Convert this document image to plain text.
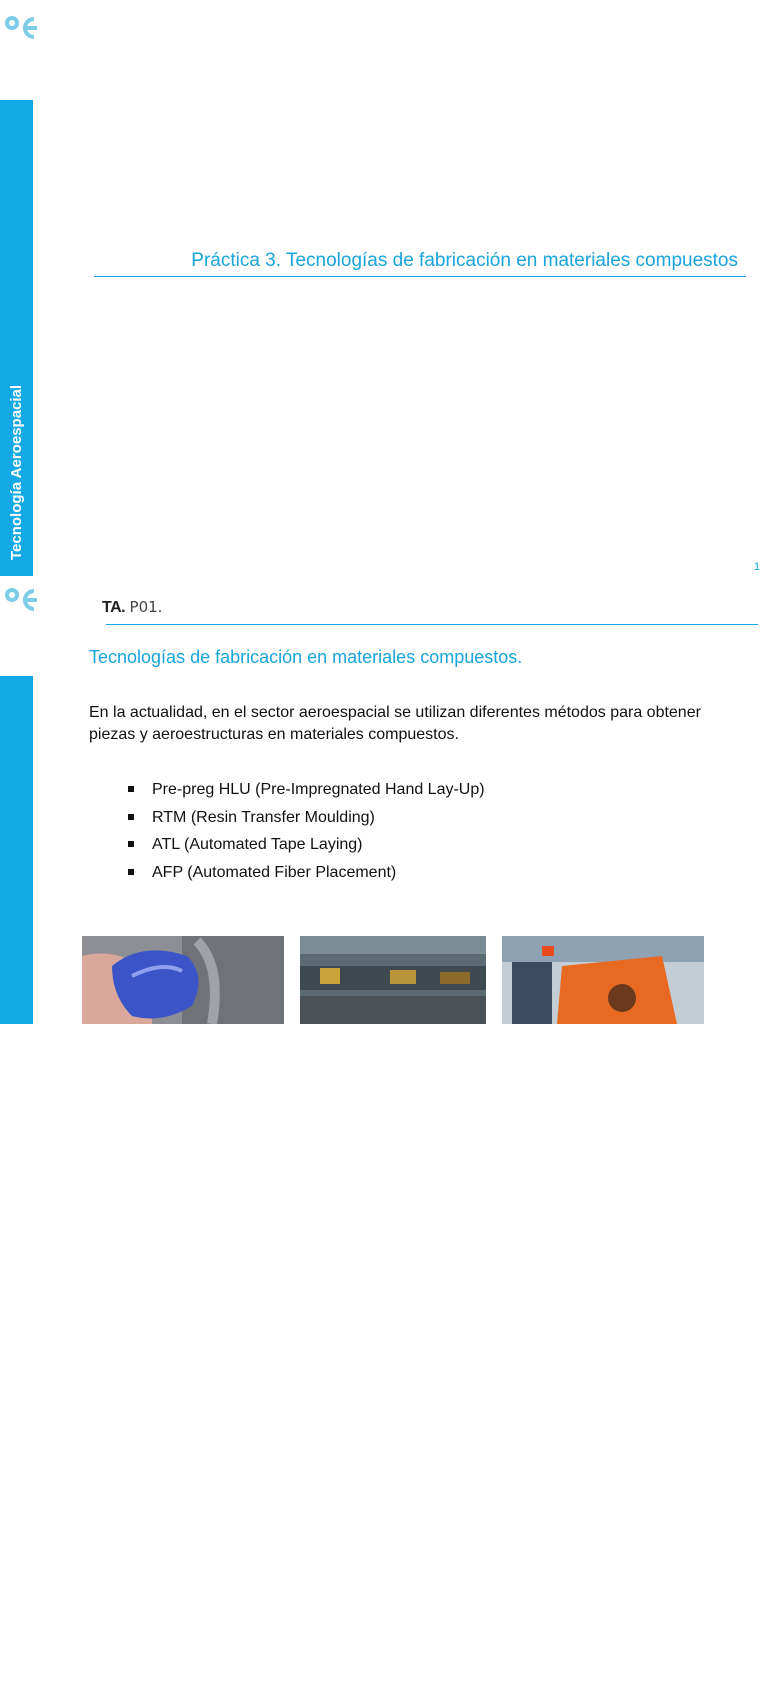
Tecnología Aeroespacial
Práctica 3. Tecnologías de fabricación en materiales compuestos
1
TA. P01.
oespacial
Tecnologías de fabricación en materiales compuestos.
En la actualidad, en el sector aeroespacial se utilizan diferentes métodos para obtener piezas y aeroestructuras en materiales compuestos.
Pre-preg HLU (Pre-Impregnated Hand Lay-Up)
RTM (Resin Transfer Moulding)
ATL (Automated Tape Laying)
AFP (Automated Fiber Placement)
